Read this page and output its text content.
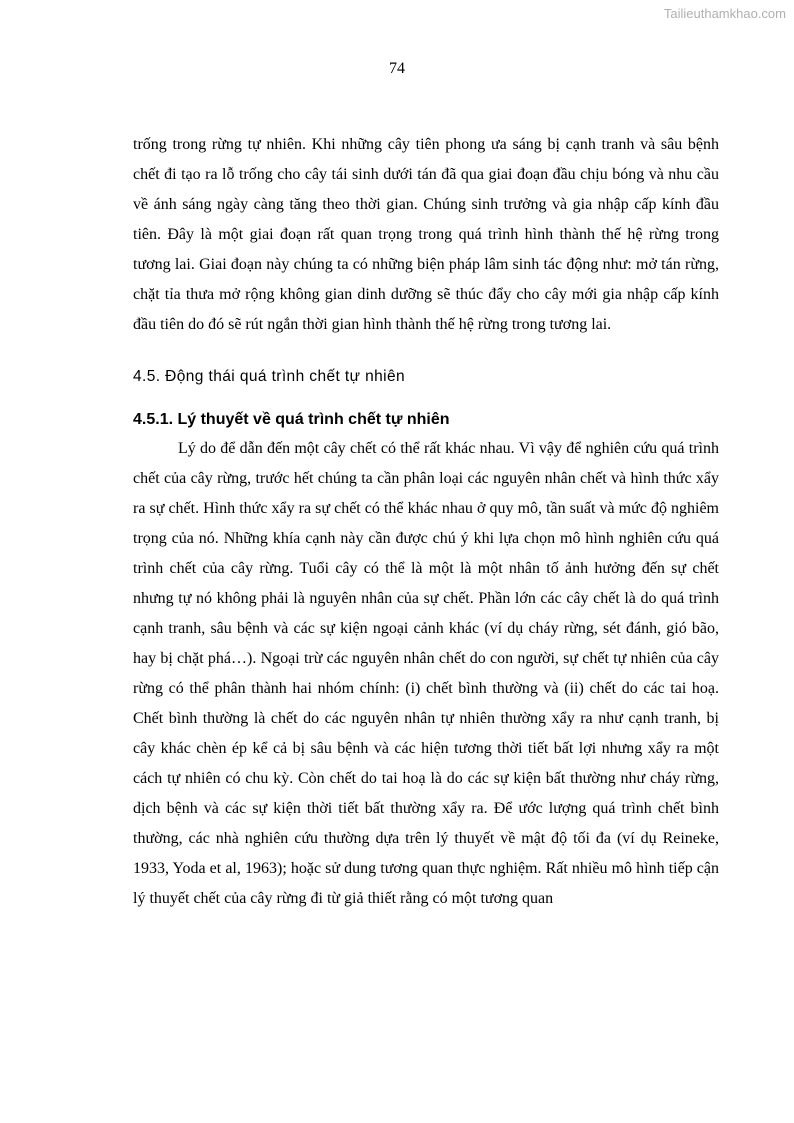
Tailieuthamkhao.com
74

trống trong rừng tự nhiên. Khi những cây tiên phong ưa sáng bị cạnh tranh và sâu bệnh chết đi tạo ra lỗ trống cho cây tái sinh dưới tán đã qua giai đoạn đầu chịu bóng và nhu cầu về ánh sáng ngày càng tăng theo thời gian. Chúng sinh trưởng và gia nhập cấp kính đầu tiên. Đây là một giai đoạn rất quan trọng trong quá trình hình thành thế hệ rừng trong tương lai. Giai đoạn này chúng ta có những biện pháp lâm sinh tác động như: mở tán rừng, chặt tỉa thưa mở rộng không gian dinh dưỡng sẽ thúc đẩy cho cây mới gia nhập cấp kính đầu tiên do đó sẽ rút ngắn thời gian hình thành thế hệ rừng trong tương lai.

4.5. Động thái quá trình chết tự nhiên
4.5.1. Lý thuyết về quá trình chết tự nhiên

Lý do để dẫn đến một cây chết có thể rất khác nhau. Vì vậy để nghiên cứu quá trình chết của cây rừng, trước hết chúng ta cần phân loại các nguyên nhân chết và hình thức xẩy ra sự chết. Hình thức xẩy ra sự chết có thể khác nhau ở quy mô, tần suất và mức độ nghiêm trọng của nó. Những khía cạnh này cần được chú ý khi lựa chọn mô hình nghiên cứu quá trình chết của cây rừng. Tuổi cây có thể là một là một nhân tố ảnh hưởng đến sự chết nhưng tự nó không phải là nguyên nhân của sự chết. Phần lớn các cây chết là do quá trình cạnh tranh, sâu bệnh và các sự kiện ngoại cảnh khác (ví dụ cháy rừng, sét đánh, gió bão, hay bị chặt phá…). Ngoại trừ các nguyên nhân chết do con người, sự chết tự nhiên của cây rừng có thể phân thành hai nhóm chính: (i) chết bình thường và (ii) chết do các tai hoạ. Chết bình thường là chết do các nguyên nhân tự nhiên thường xẩy ra như cạnh tranh, bị cây khác chèn ép kể cả bị sâu bệnh và các hiện tương thời tiết bất lợi nhưng xẩy ra một cách tự nhiên có chu kỳ. Còn chết do tai hoạ là do các sự kiện bất thường như cháy rừng, dịch bệnh và các sự kiện thời tiết bất thường xẩy ra. Để ước lượng quá trình chết bình thường, các nhà nghiên cứu thường dựa trên lý thuyết về mật độ tối đa (ví dụ Reineke, 1933, Yoda et al, 1963); hoặc sử dung tương quan thực nghiệm. Rất nhiều mô hình tiếp cận lý thuyết chết của cây rừng đi từ giả thiết rằng có một tương quan
